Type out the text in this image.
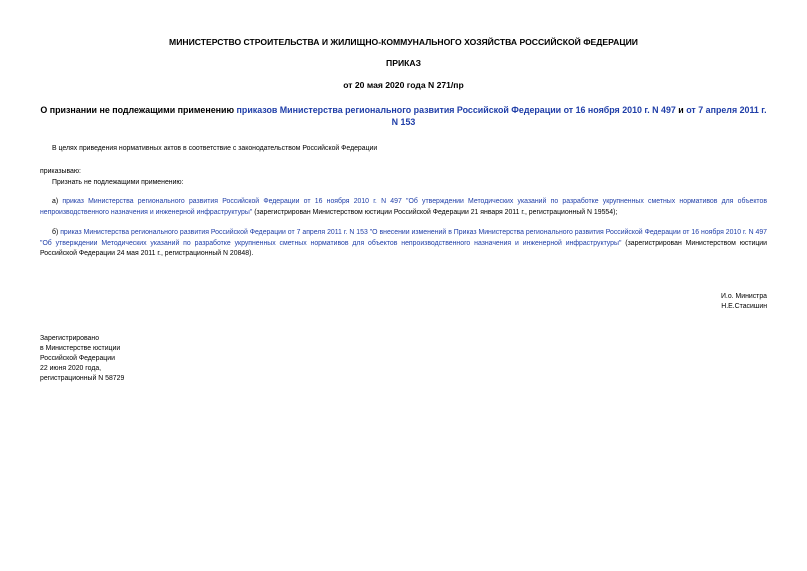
МИНИСТЕРСТВО СТРОИТЕЛЬСТВА И ЖИЛИЩНО-КОММУНАЛЬНОГО ХОЗЯЙСТВА РОССИЙСКОЙ ФЕДЕРАЦИИ
ПРИКАЗ
от 20 мая 2020 года N 271/пр
О признании не подлежащими применению приказов Министерства регионального развития Российской Федерации от 16 ноября 2010 г. N 497 и от 7 апреля 2011 г. N 153
В целях приведения нормативных актов в соответствие с законодательством Российской Федерации
приказываю:
Признать не подлежащими применению:
а) приказ Министерства регионального развития Российской Федерации от 16 ноября 2010 г. N 497 "Об утверждении Методических указаний по разработке укрупненных сметных нормативов для объектов непроизводственного назначения и инженерной инфраструктуры" (зарегистрирован Министерством юстиции Российской Федерации 21 января 2011 г., регистрационный N 19554);
б) приказ Министерства регионального развития Российской Федерации от 7 апреля 2011 г. N 153 "О внесении изменений в Приказ Министерства регионального развития Российской Федерации от 16 ноября 2010 г. N 497 "Об утверждении Методических указаний по разработке укрупненных сметных нормативов для объектов непроизводственного назначения и инженерной инфраструктуры" (зарегистрирован Министерством юстиции Российской Федерации 24 мая 2011 г., регистрационный N 20848).
И.о. Министра
Н.Е.Стасишин
Зарегистрировано
в Министерстве юстиции
Российской Федерации
22 июня 2020 года,
регистрационный N 58729
